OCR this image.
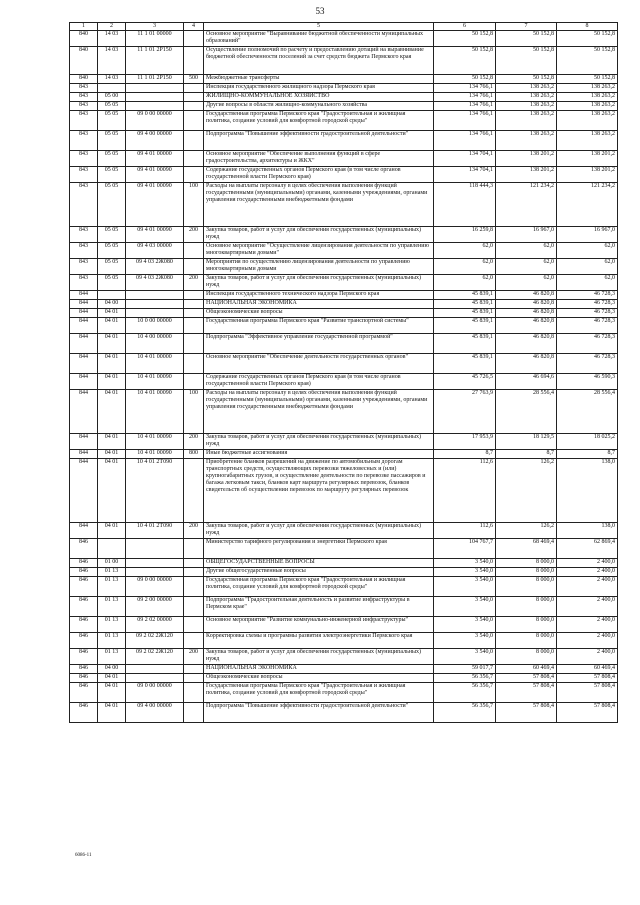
53
1	2	3	4	5	6	7	8
840	14 03	11 1 01 00000		Основное мероприятие "Выравнивание бюджетной обеспеченности муниципальных образований"	50 152,8	50 152,8	50 152,8
840	14 03	11 1 01 2P150		Осуществление полномочий по расчету и предоставлению дотаций на выравнивание бюджетной обеспеченности поселений за счет средств бюджета Пермского края	50 152,8	50 152,8	50 152,8
840	14 03	11 1 01 2P150	500	Межбюджетные трансферты	50 152,8	50 152,8	50 152,8
843				Инспекция государственного жилищного надзора Пермского края	134 766,1	138 263,2	138 263,2
843	05 00			ЖИЛИЩНО-КОММУНАЛЬНОЕ ХОЗЯЙСТВО	134 766,1	138 263,2	138 263,2
843	05 05			Другие вопросы в области жилищно-коммунального хозяйства	134 766,1	138 263,2	138 263,2
843	05 05	09 0 00 00000		Государственная программа Пермского края "Градостроительная и жилищная политика, создание условий для комфортной городской среды"	134 766,1	138 263,2	138 263,2
843	05 05	09 4 00 00000		Подпрограмма "Повышение эффективности градостроительной деятельности"	134 766,1	138 263,2	138 263,2
843	05 05	09 4 01 00000		Основное мероприятие "Обеспечение выполнения функций в сфере градостроительства, архитектуры и ЖКХ"	134 704,1	138 201,2	138 201,2
843	05 05	09 4 01 00090		Содержание государственных органов Пермского края (в том числе органов государственной власти Пермского края)	134 704,1	138 201,2	138 201,2
843	05 05	09 4 01 00090	100	Расходы на выплаты персоналу в целях обеспечения выполнения функций государственными (муниципальными) органами, казенными учреждениями, органами управления государственными внебюджетными фондами	118 444,3	121 234,2	121 234,2
843	05 05	09 4 01 00090	200	Закупка товаров, работ и услуг для обеспечения государственных (муниципальных) нужд	16 259,8	16 967,0	16 967,0
843	05 05	09 4 03 00000		Основное мероприятие "Осуществление лицензирования деятельности по управлению многоквартирными домами"	62,0	62,0	62,0
843	05 05	09 4 03 2Ж080		Мероприятия по осуществлению лицензирования деятельности по управлению многоквартирными домами	62,0	62,0	62,0
843	05 05	09 4 03 2Ж080	200	Закупка товаров, работ и услуг для обеспечения государственных (муниципальных) нужд	62,0	62,0	62,0
844				Инспекция государственного технического надзора Пермского края	45 839,1	46 820,8	46 728,3
844	04 00			НАЦИОНАЛЬНАЯ ЭКОНОМИКА	45 839,1	46 820,8	46 728,3
844	04 01			Общеэкономические вопросы	45 839,1	46 820,8	46 728,3
844	04 01	10 0 00 00000		Государственная программа Пермского края "Развитие транспортной системы"	45 839,1	46 820,8	46 728,3
844	04 01	10 4 00 00000		Подпрограмма "Эффективное управление государственной программой"	45 839,1	46 820,8	46 728,3
844	04 01	10 4 01 00000		Основное мероприятие "Обеспечение деятельности государственных органов"	45 839,1	46 820,8	46 728,3
844	04 01	10 4 01 00090		Содержание государственных органов Пермского края (в том числе органов государственной власти Пермского края)	45 726,5	46 694,6	46 590,3
844	04 01	10 4 01 00090	100	Расходы на выплаты персоналу в целях обеспечения выполнения функций государственными (муниципальными) органами, казенными учреждениями, органами управления государственными внебюджетными фондами	27 763,9	28 556,4	28 556,4
844	04 01	10 4 01 00090	200	Закупка товаров, работ и услуг для обеспечения государственных (муниципальных) нужд	17 953,9	18 129,5	18 025,2
844	04 01	10 4 01 00090	800	Иные бюджетные ассигнования	8,7	8,7	8,7
844	04 01	10 4 01 2T090		Приобретение бланков разрешений на движение по автомобильным дорогам транспортных средств, осуществляющих перевозки тяжеловесных и (или) крупногабаритных грузов, и осуществление деятельности по перевозке пассажиров и багажа легковым такси, бланков карт маршрута регулярных перевозок, бланков свидетельств об осуществлении перевозок по маршруту регулярных перевозок	112,6	126,2	138,0
844	04 01	10 4 01 2T090	200	Закупка товаров, работ и услуг для обеспечения государственных (муниципальных) нужд	112,6	126,2	138,0
846				Министерство тарифного регулирования и энергетики Пермского края	104 767,7	68 469,4	62 869,4
846	01 00			ОБЩЕГОСУДАРСТВЕННЫЕ ВОПРОСЫ	3 540,0	8 000,0	2 400,0
846	01 13			Другие общегосударственные вопросы	3 540,0	8 000,0	2 400,0
846	01 13	09 0 00 00000		Государственная программа Пермского края "Градостроительная и жилищная политика, создание условий для комфортной городской среды"	3 540,0	8 000,0	2 400,0
846	01 13	09 2 00 00000		Подпрограмма "Градостроительная деятельность и развитие инфраструктуры в Пермском крае"	3 540,0	8 000,0	2 400,0
846	01 13	09 2 02 00000		Основное мероприятие "Развитие коммунально-инженерной инфраструктуры"	3 540,0	8 000,0	2 400,0
846	01 13	09 2 02 2Ж120		Корректировка схемы и программы развития электроэнергетики Пермского края	3 540,0	8 000,0	2 400,0
846	01 13	09 2 02 2Ж120	200	Закупка товаров, работ и услуг для обеспечения государственных (муниципальных) нужд	3 540,0	8 000,0	2 400,0
846	04 00			НАЦИОНАЛЬНАЯ ЭКОНОМИКА	59 017,7	60 469,4	60 469,4
846	04 01			Общеэкономические вопросы	56 356,7	57 808,4	57 808,4
846	04 01	09 0 00 00000		Государственная программа Пермского края "Градостроительная и жилищная политика, создание условий для комфортной городской среды"	56 356,7	57 808,4	57 808,4
846	04 01	09 4 00 00000		Подпрограмма "Повышение эффективности градостроительной деятельности"	56 356,7	57 808,4	57 808,4
6086-11
